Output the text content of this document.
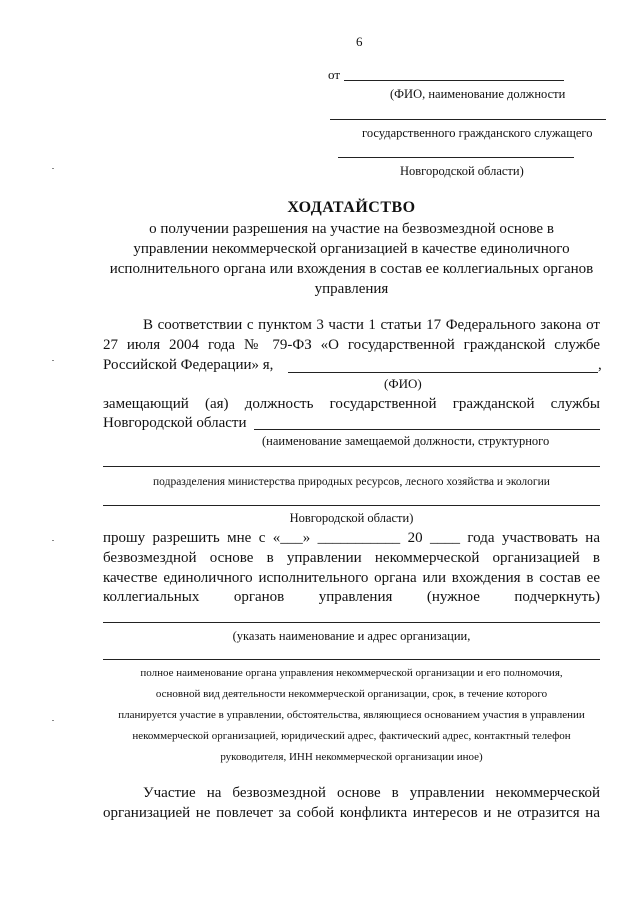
6
от
(ФИО, наименование должности
государственного гражданского служащего
Новгородской области)
ХОДАТАЙСТВО
о получении разрешения на участие на безвозмездной основе в
управлении некоммерческой организацией в качестве единоличного
исполнительного органа или вхождения в состав ее коллегиальных органов
управления
В соответствии с пунктом 3 части 1 статьи 17 Федерального закона от
27 июля 2004 года № 79-ФЗ «О государственной гражданской службе
Российской Федерации» я,	,
(ФИО)
замещающий (ая) должность государственной гражданской службы
Новгородской области
(наименование замещаемой должности, структурного
подразделения министерства природных ресурсов, лесного хозяйства и экологии
Новгородской области)
прошу разрешить мне с «___» ___________ 20 ____ года участвовать на
безвозмездной основе в управлении некоммерческой организацией в
качестве единоличного исполнительного органа или вхождения в состав ее
коллегиальных органов управления (нужное подчеркнуть)
(указать наименование и адрес организации,
полное наименование органа управления некоммерческой организации и его полномочия,
основной вид деятельности некоммерческой организации, срок, в течение которого
планируется участие в управлении, обстоятельства, являющиеся основанием участия в управлении
некоммерческой организацией, юридический адрес, фактический адрес, контактный телефон
руководителя, ИНН некоммерческой организации иное)
Участие на безвозмездной основе в управлении некоммерческой
организацией не повлечет за собой конфликта интересов и не отразится на
